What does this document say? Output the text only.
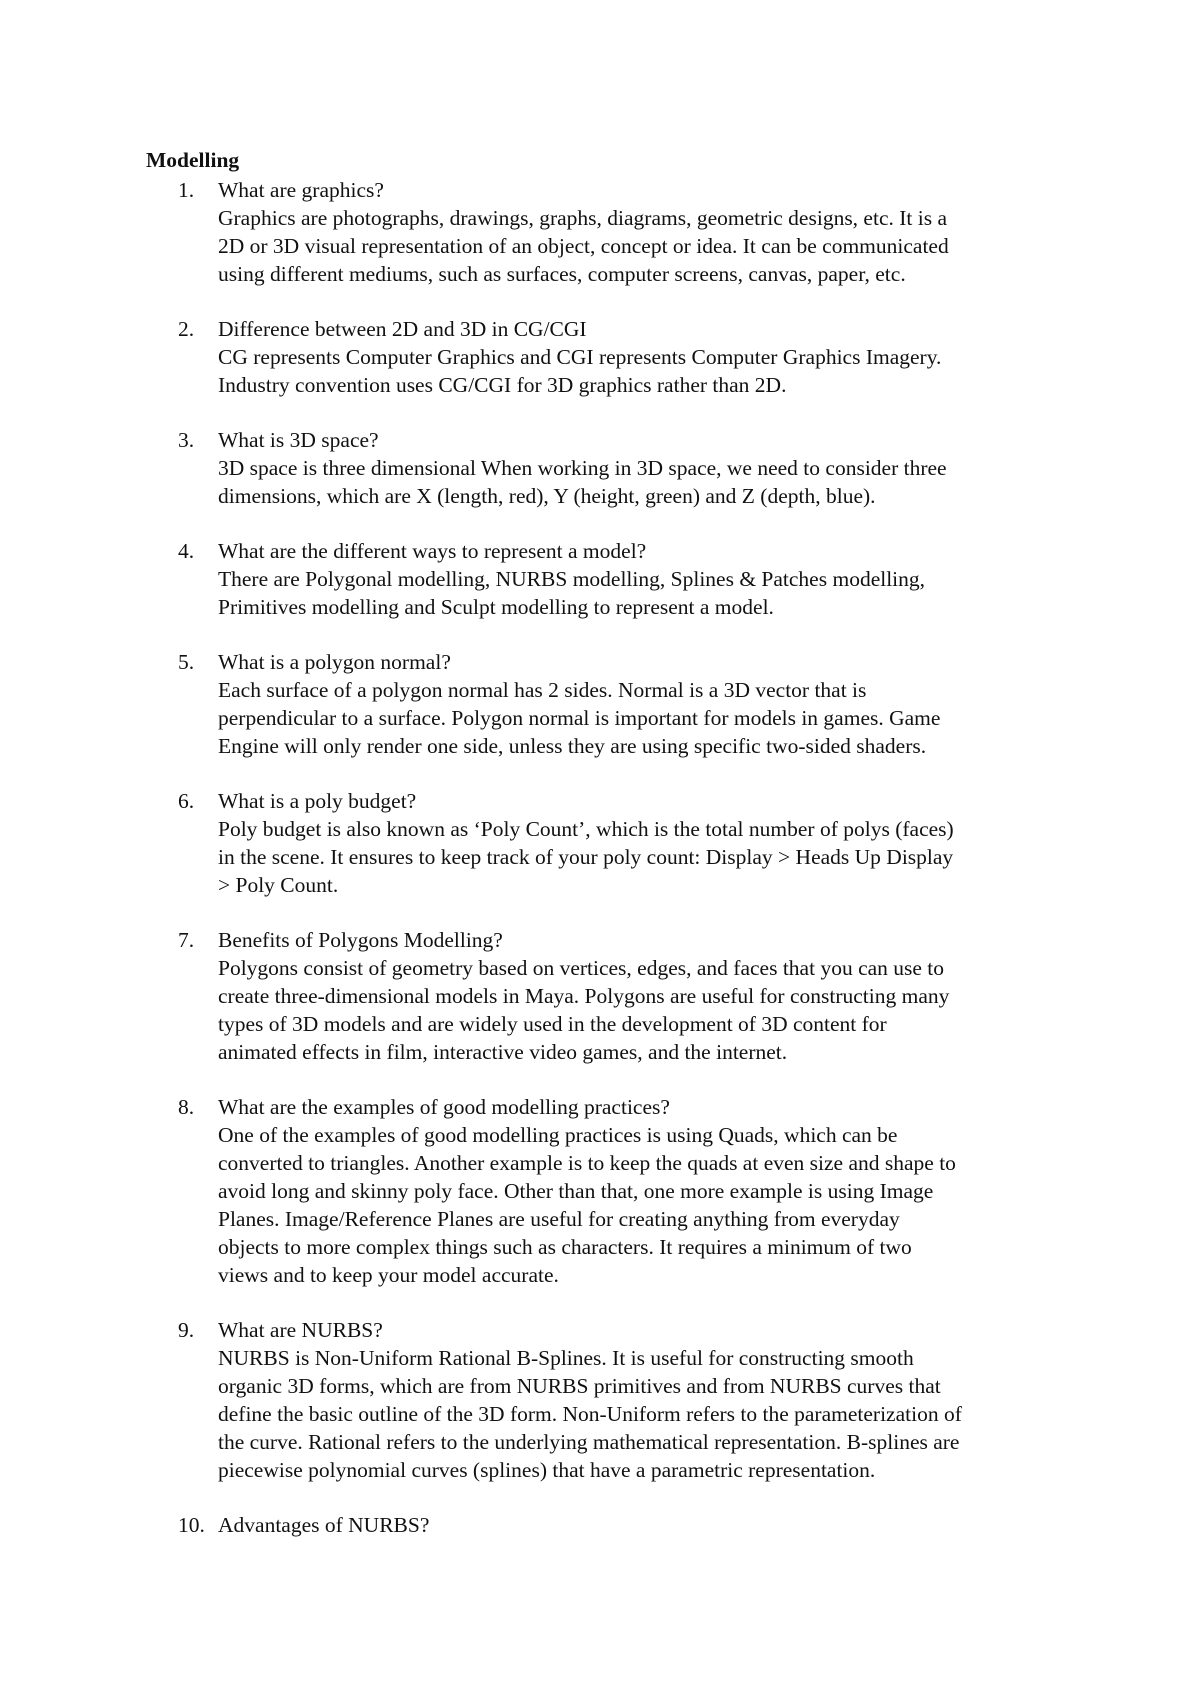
Modelling
1.	What are graphics?
Graphics are photographs, drawings, graphs, diagrams, geometric designs, etc. It is a
2D or 3D visual representation of an object, concept or idea. It can be communicated
using different mediums, such as surfaces, computer screens, canvas, paper, etc.
2.	Difference between 2D and 3D in CG/CGI
CG represents Computer Graphics and CGI represents Computer Graphics Imagery.
Industry convention uses CG/CGI for 3D graphics rather than 2D.
3.	What is 3D space?
3D space is three dimensional When working in 3D space, we need to consider three
dimensions, which are X (length, red), Y (height, green) and Z (depth, blue).
4.	What are the different ways to represent a model?
There are Polygonal modelling, NURBS modelling, Splines & Patches modelling,
Primitives modelling and Sculpt modelling to represent a model.
5.	What is a polygon normal?
Each surface of a polygon normal has 2 sides. Normal is a 3D vector that is
perpendicular to a surface. Polygon normal is important for models in games. Game
Engine will only render one side, unless they are using specific two-sided shaders.
6.	What is a poly budget?
Poly budget is also known as ‘Poly Count’, which is the total number of polys (faces)
in the scene. It ensures to keep track of your poly count: Display > Heads Up Display
> Poly Count.
7.	Benefits of Polygons Modelling?
Polygons consist of geometry based on vertices, edges, and faces that you can use to
create three-dimensional models in Maya. Polygons are useful for constructing many
types of 3D models and are widely used in the development of 3D content for
animated effects in film, interactive video games, and the internet.
8.	What are the examples of good modelling practices?
One of the examples of good modelling practices is using Quads, which can be
converted to triangles. Another example is to keep the quads at even size and shape to
avoid long and skinny poly face. Other than that, one more example is using Image
Planes. Image/Reference Planes are useful for creating anything from everyday
objects to more complex things such as characters. It requires a minimum of two
views and to keep your model accurate.
9.	What are NURBS?
NURBS is Non-Uniform Rational B-Splines. It is useful for constructing smooth
organic 3D forms, which are from NURBS primitives and from NURBS curves that
define the basic outline of the 3D form. Non-Uniform refers to the parameterization of
the curve. Rational refers to the underlying mathematical representation. B-splines are
piecewise polynomial curves (splines) that have a parametric representation.
10. Advantages of NURBS?
